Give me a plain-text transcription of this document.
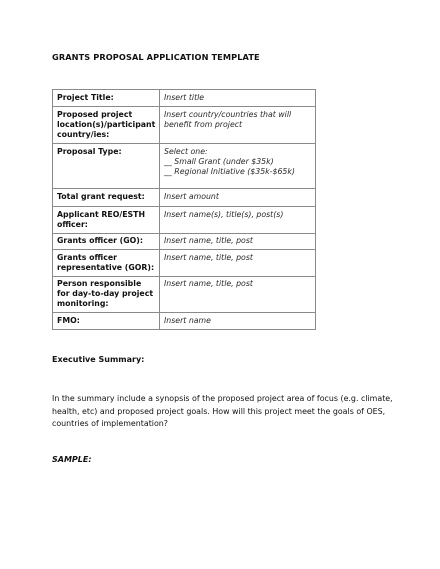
GRANTS PROPOSAL APPLICATION TEMPLATE
Project Title:	Insert title

Proposed project location(s)/participant country/ies:	Insert country/countries that will
benefit from project

Proposal Type:	Select one:
__ Small Grant (under $35k)
__ Regional Initiative ($35k-$65k)

Total grant request:	Insert amount

Applicant REO/ESTH officer:	Insert name(s), title(s), post(s)

Grants officer (GO):	Insert name, title, post

Grants officer representative (GOR):	Insert name, title, post

Person responsible for day-to-day project monitoring:	Insert name, title, post

FMO:	Insert name
Executive Summary:
In the summary include a synopsis of the proposed project area of focus (e.g. climate, health, etc) and proposed project goals. How will this project meet the goals of OES, countries of implementation?
SAMPLE:
